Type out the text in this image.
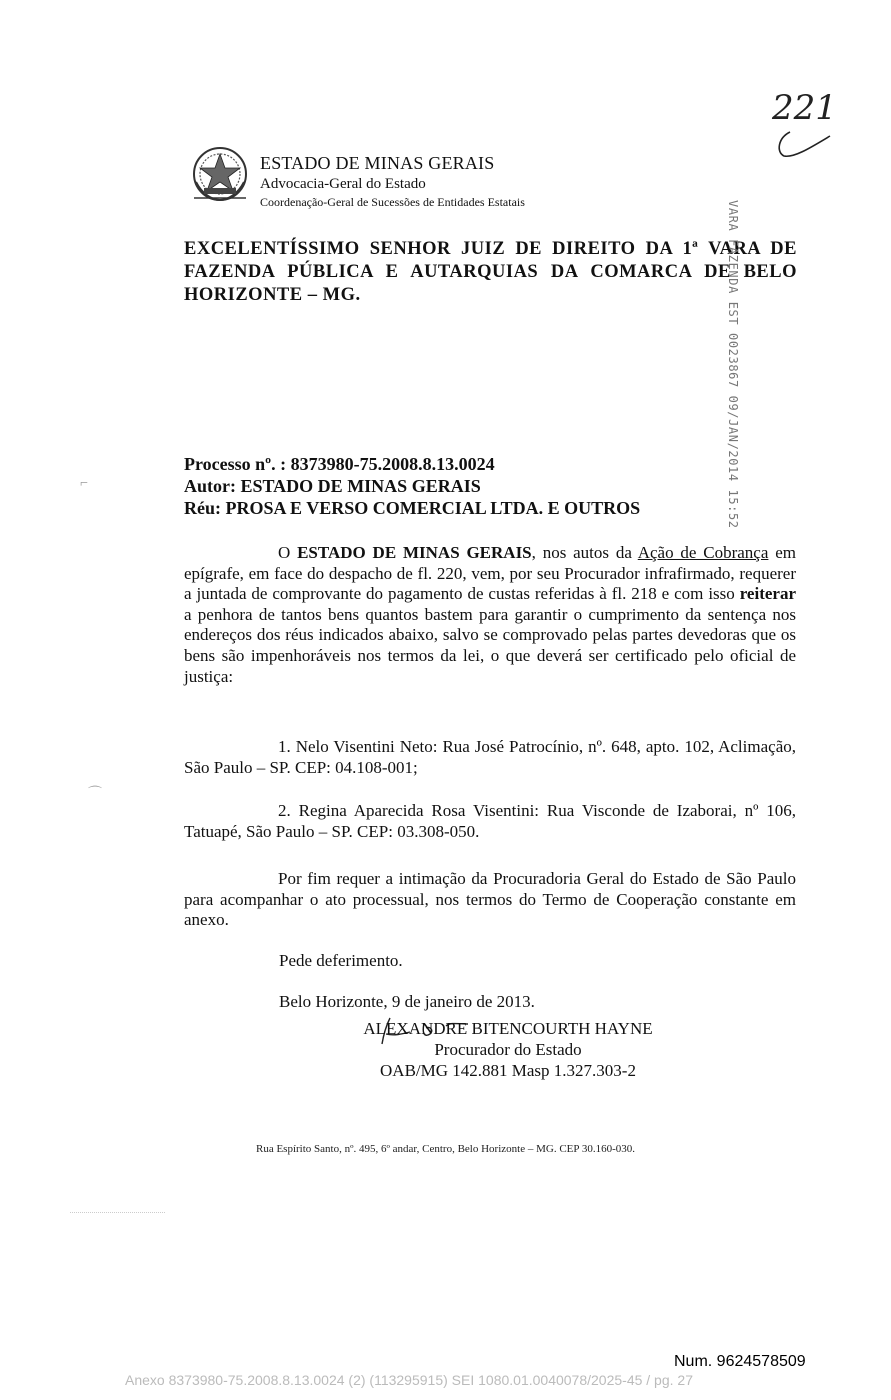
221
ESTADO DE MINAS GERAIS
Advocacia-Geral do Estado
Coordenação-Geral de Sucessões de Entidades Estatais
EXCELENTÍSSIMO SENHOR JUIZ DE DIREITO DA 1ª VARA DE FAZENDA PÚBLICA E AUTARQUIAS DA COMARCA DE BELO HORIZONTE – MG.	VARA FAZENDA EST 0023867 09/JAN/2014 15:52
Processo nº. : 8373980-75.2008.8.13.0024
Autor: ESTADO DE MINAS GERAIS
Réu: PROSA E VERSO COMERCIAL LTDA. E OUTROS
O ESTADO DE MINAS GERAIS, nos autos da Ação de Cobrança em epígrafe, em face do despacho de fl. 220, vem, por seu Procurador infrafirmado, requerer a juntada de comprovante do pagamento de custas referidas à fl. 218 e com isso reiterar a penhora de tantos bens quantos bastem para garantir o cumprimento da sentença nos endereços dos réus indicados abaixo, salvo se comprovado pelas partes devedoras que os bens são impenhoráveis nos termos da lei, o que deverá ser certificado pelo oficial de justiça:
1. Nelo Visentini Neto: Rua José Patrocínio, nº. 648, apto. 102, Aclimação, São Paulo – SP. CEP: 04.108-001;
2. Regina Aparecida Rosa Visentini: Rua Visconde de Izaborai, nº 106, Tatuapé, São Paulo – SP. CEP: 03.308-050.
Por fim requer a intimação da Procuradoria Geral do Estado de São Paulo para acompanhar o ato processual, nos termos do Termo de Cooperação constante em anexo.
Pede deferimento.
Belo Horizonte, 9 de janeiro de 2013.
ALEXANDRE BITENCOURTH HAYNE
Procurador do Estado
OAB/MG 142.881 Masp 1.327.303-2
Rua Espírito Santo, nº. 495, 6º andar, Centro, Belo Horizonte – MG. CEP 30.160-030.
⌐
⌒
Num. 9624578509
Anexo 8373980-75.2008.8.13.0024 (2) (113295915) SEI 1080.01.0040078/2025-45 / pg. 27
